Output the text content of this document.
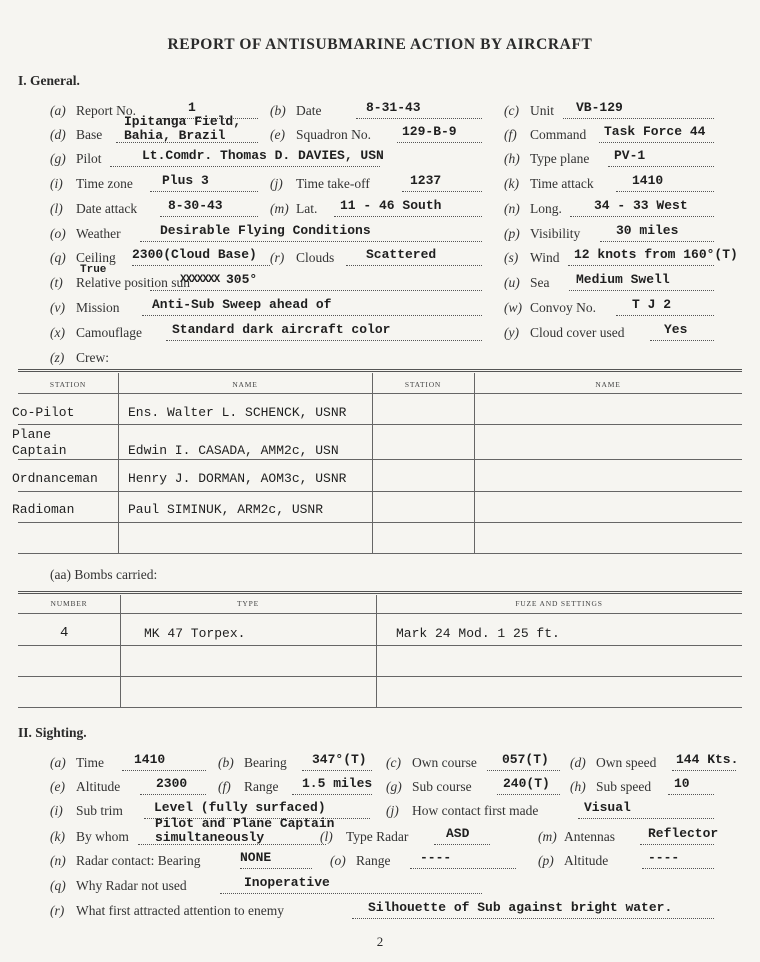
REPORT OF ANTISUBMARINE ACTION BY AIRCRAFT
I. General.
(a) Report No.	1	(b) Date	8-31-43	(c) Unit VB-129
(d) Base
Ipitanga Field,
Bahia, Brazil	(e) Squadron No. 129-B-9	(f) Command Task Force 44
(g) Pilot	Lt.Comdr. Thomas D. DAVIES, USN	(h) Type plane PV-1
(i) Time zone Plus 3	(j) Time take-off	1237	(k) Time attack	1410
(l) Date attack 8-30-43	(m) Lat. 11 - 46 South	(n) Long. 34 - 33 West
(o) Weather	Desirable Flying Conditions	(p) Visibility	30 miles
(q) Ceiling 2300(Cloud Base) (r) Clouds Scattered	(s) Wind 12 knots from 160°(T)
(t) Relative position sun
True
XXXXXXX 305°	(u) Sea Medium Swell
(v) Mission Anti-Sub Sweep ahead of	(w) Convoy No.	T J 2
(x) Camouflage Standard dark aircraft color	(y) Cloud cover used	Yes
(z) Crew:
STATION	NAME	STATION	NAME
Co-Pilot	Ens. Walter L. SCHENCK, USNR
Plane
Captain	Edwin I. CASADA, AMM2c, USN
Ordnanceman Henry J. DORMAN, AOM3c, USNR
Radioman	Paul SIMINUK, ARM2c, USNR
(aa) Bombs carried:
NUMBER	TYPE	FUZE AND SETTINGS
4	MK 47 Torpex.	Mark 24 Mod. 1 25 ft.
II. Sighting.
(a) Time 1410	(b) Bearing 347°(T) (c) Own course 057(T) (d) Own speed 144 Kts.
(e) Altitude	2300 (f) Range 1.5 miles (g) Sub course 240(T) (h) Sub speed 10
(i) Sub trim Level (fully surfaced)	(j) How contact first made	Visual
(k) By whom
Pilot and Plane Captain
simultaneously	(l) Type Radar	ASD	(m) Antennas	Reflector
(n) Radar contact: Bearing	NONE	(o) Range ----	(p) Altitude	----
(q) Why Radar not used	Inoperative
(r) What first attracted attention to enemy	Silhouette of Sub against bright water.
2
